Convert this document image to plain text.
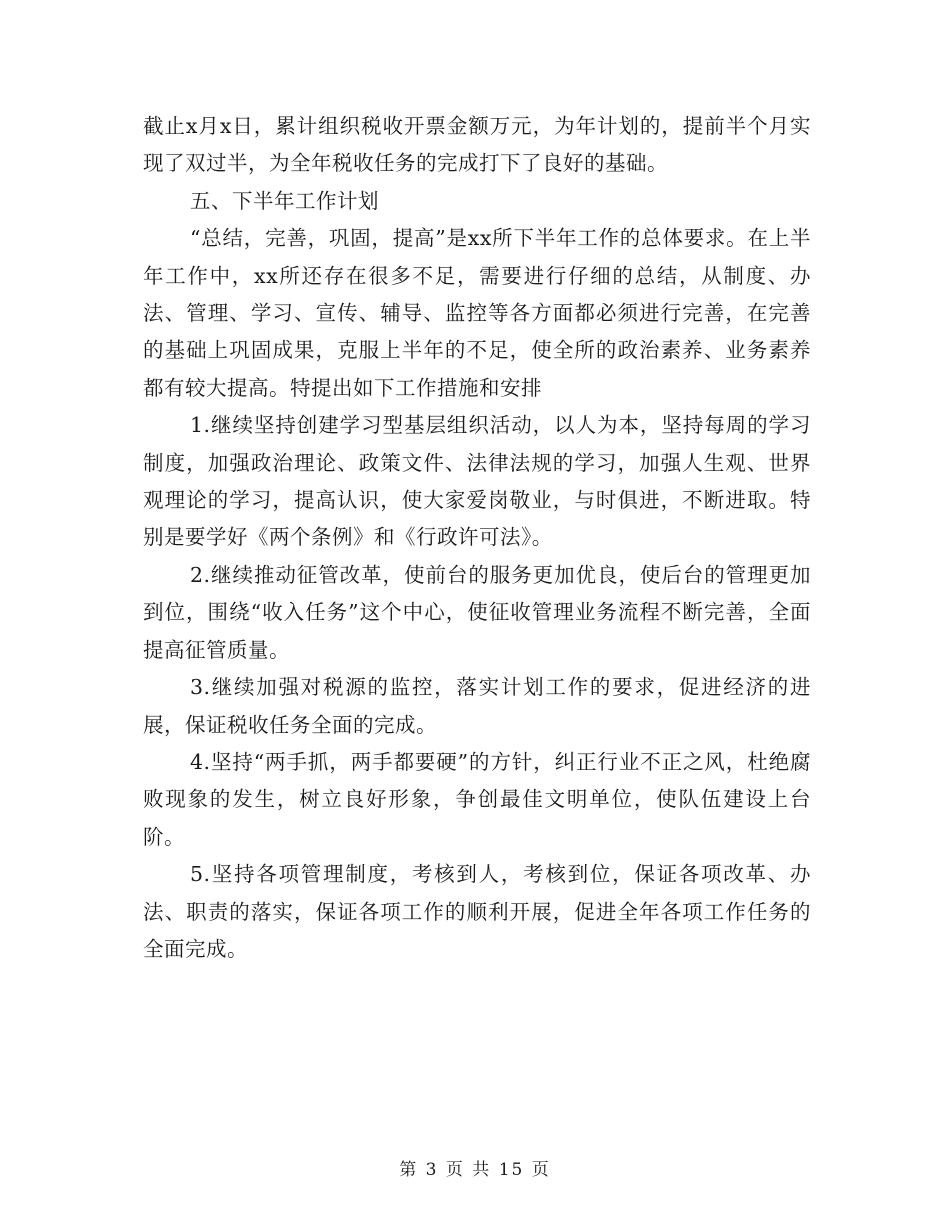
截止x月x日，累计组织税收开票金额万元，为年计划的，提前半个月实现了双过半，为全年税收任务的完成打下了良好的基础。

五、下半年工作计划

“总结，完善，巩固，提高”是xx所下半年工作的总体要求。在上半年工作中，xx所还存在很多不足，需要进行仔细的总结，从制度、办法、管理、学习、宣传、辅导、监控等各方面都必须进行完善，在完善的基础上巩固成果，克服上半年的不足，使全所的政治素养、业务素养都有较大提高。特提出如下工作措施和安排

1.继续坚持创建学习型基层组织活动，以人为本，坚持每周的学习制度，加强政治理论、政策文件、法律法规的学习，加强人生观、世界观理论的学习，提高认识，使大家爱岗敬业，与时俱进，不断进取。特别是要学好《两个条例》和《行政许可法》。

2.继续推动征管改革，使前台的服务更加优良，使后台的管理更加到位，围绕“收入任务”这个中心，使征收管理业务流程不断完善，全面提高征管质量。

3.继续加强对税源的监控，落实计划工作的要求，促进经济的进展，保证税收任务全面的完成。

4.坚持“两手抓，两手都要硬”的方针，纠正行业不正之风，杜绝腐败现象的发生，树立良好形象，争创最佳文明单位，使队伍建设上台阶。

5.坚持各项管理制度，考核到人，考核到位，保证各项改革、办法、职责的落实，保证各项工作的顺利开展，促进全年各项工作任务的全面完成。

第 3 页 共 15 页
